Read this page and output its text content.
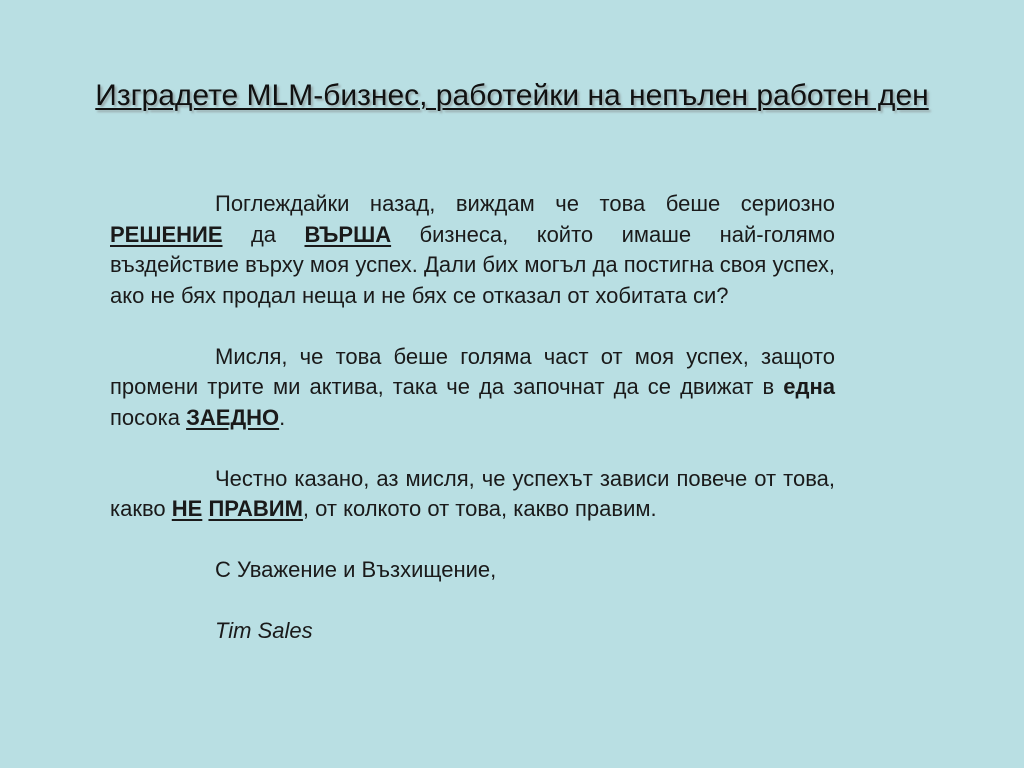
Изградете MLM-бизнес, работейки на непълен работен ден

Поглеждайки назад, виждам че това беше сериозно РЕШЕНИЕ да ВЪРША бизнеса, който имаше най-голямо въздействие върху моя успех. Дали бих могъл да постигна своя успех, ако не бях продал неща и не бях се отказал от хобитата си?

Мисля, че това беше голяма част от моя успех, защото промени трите ми актива, така че да започнат да се движат в една посока ЗАЕДНО.

Честно казано, аз мисля, че успехът зависи повече от това, какво НЕ ПРАВИМ, от колкото от това, какво правим.

С Уважение и Възхищение,

Tim Sales
